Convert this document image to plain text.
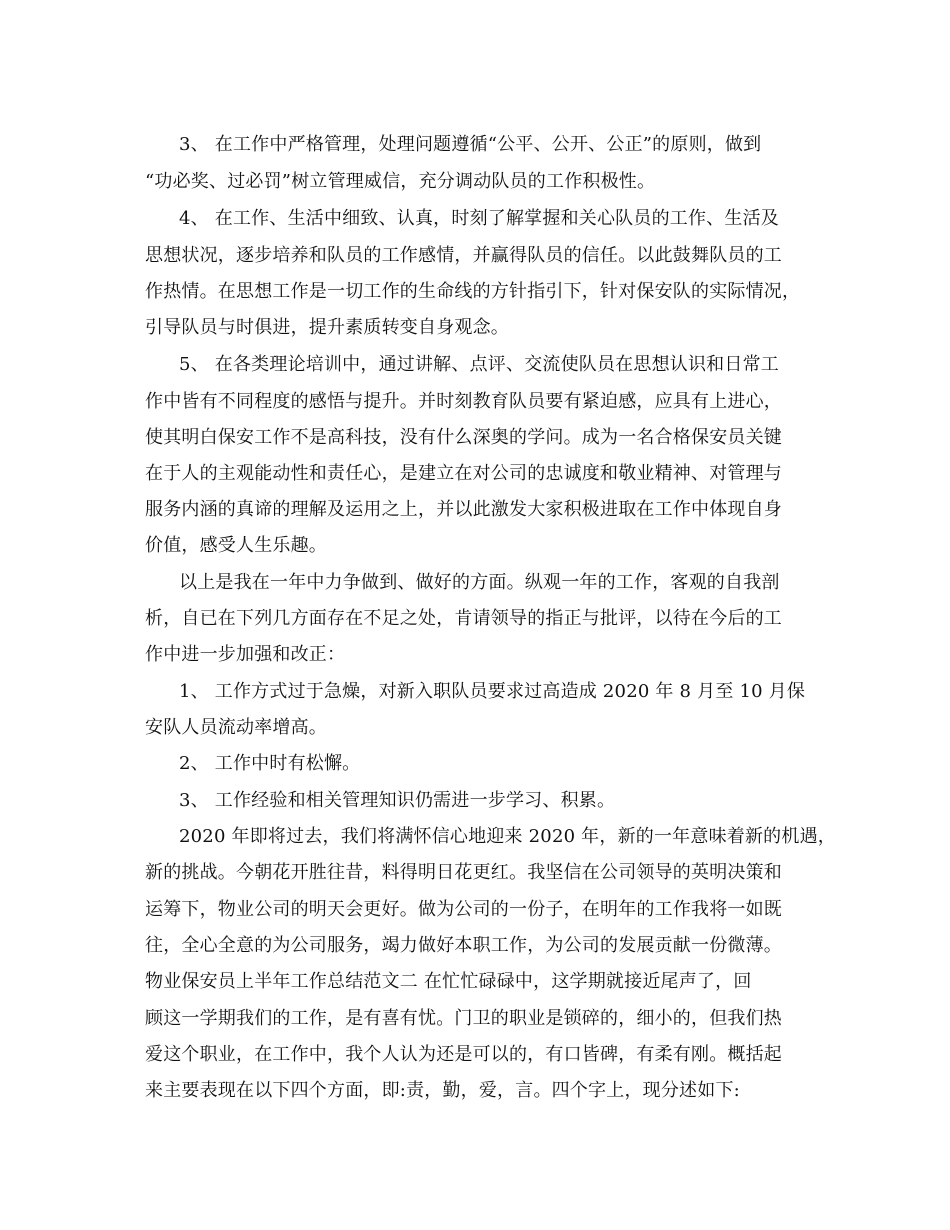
3、 在工作中严格管理，处理问题遵循“公平、公开、公正”的原则，做到
“功必奖、过必罚”树立管理威信，充分调动队员的工作积极性。
4、 在工作、生活中细致、认真，时刻了解掌握和关心队员的工作、生活及
思想状况，逐步培养和队员的工作感情，并赢得队员的信任。以此鼓舞队员的工
作热情。在思想工作是一切工作的生命线的方针指引下，针对保安队的实际情况，
引导队员与时俱进，提升素质转变自身观念。
5、 在各类理论培训中，通过讲解、点评、交流使队员在思想认识和日常工
作中皆有不同程度的感悟与提升。并时刻教育队员要有紧迫感，应具有上进心，
使其明白保安工作不是高科技，没有什么深奥的学问。成为一名合格保安员关键
在于人的主观能动性和责任心，是建立在对公司的忠诚度和敬业精神、对管理与
服务内涵的真谛的理解及运用之上，并以此激发大家积极进取在工作中体现自身
价值，感受人生乐趣。
以上是我在一年中力争做到、做好的方面。纵观一年的工作，客观的自我剖
析，自已在下列几方面存在不足之处，肯请领导的指正与批评，以待在今后的工
作中进一步加强和改正：
1、 工作方式过于急燥，对新入职队员要求过高造成 2020 年 8 月至 10 月保
安队人员流动率增高。
2、 工作中时有松懈。
3、 工作经验和相关管理知识仍需进一步学习、积累。
2020 年即将过去，我们将满怀信心地迎来 2020 年，新的一年意味着新的机遇，
新的挑战。今朝花开胜往昔，料得明日花更红。我坚信在公司领导的英明决策和
运筹下，物业公司的明天会更好。做为公司的一份子，在明年的工作我将一如既
往，全心全意的为公司服务，竭力做好本职工作，为公司的发展贡献一份微薄。
物业保安员上半年工作总结范文二 在忙忙碌碌中，这学期就接近尾声了，回
顾这一学期我们的工作，是有喜有忧。门卫的职业是锁碎的，细小的，但我们热
爱这个职业，在工作中，我个人认为还是可以的，有口皆碑，有柔有刚。概括起
来主要表现在以下四个方面，即:责，勤，爱，言。四个字上，现分述如下:
